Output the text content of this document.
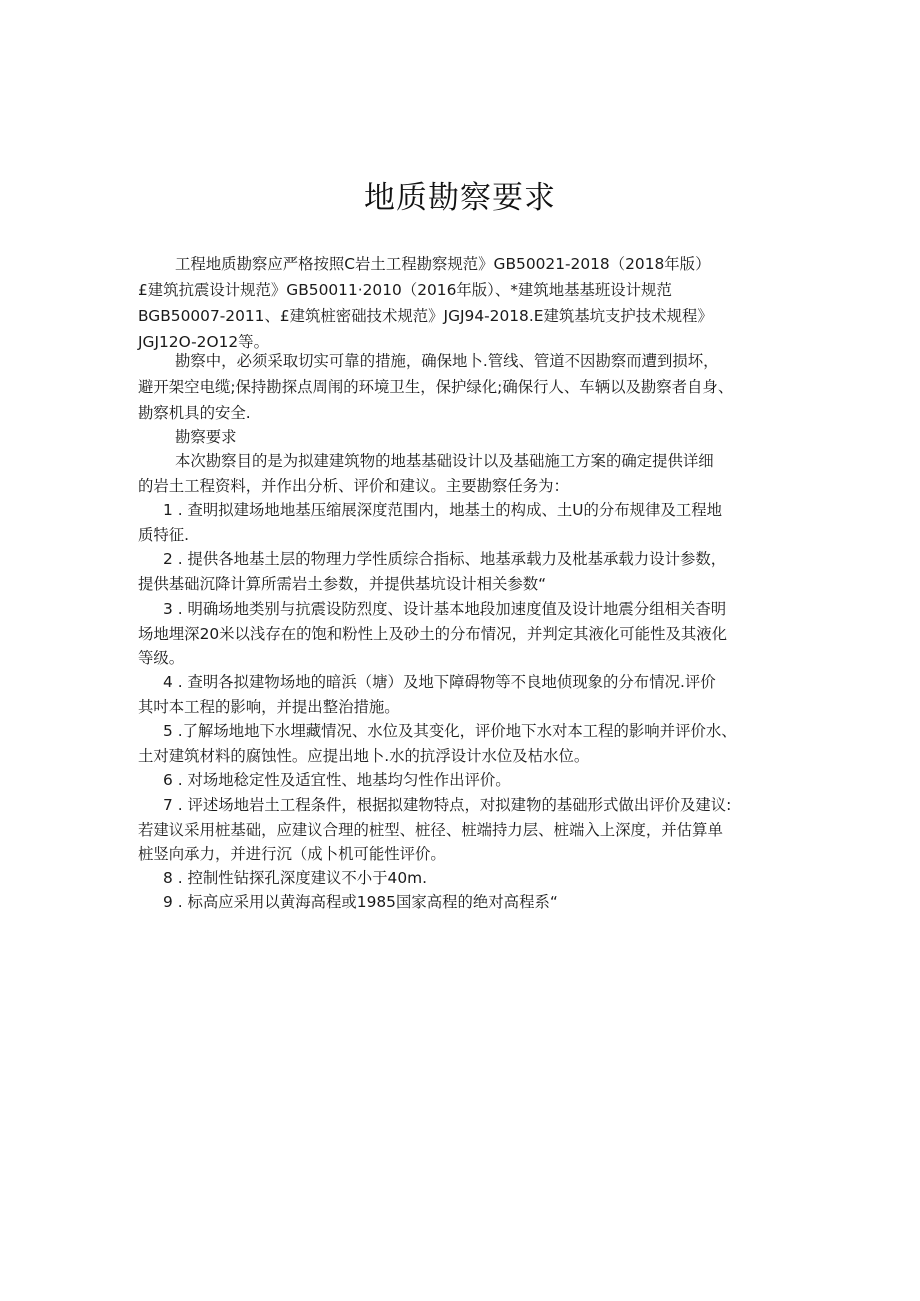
地质勘察要求
工程地质勘察应严格按照C岩土工程勘察规范》GB50021-2018（2018年版）
£建筑抗震设计规范》GB50011·2010（2016年版）、*建筑地基基班设计规范
BGB50007-2011、£建筑桩密础技术规范》JGJ94-2018.E建筑基坑支护技术规程》
JGJ12O-2O12等。
勘察中，必须采取切实可靠的措施，确保地卜.管线、管道不因勘察而遭到损坏，
避开架空电缆;保持勘探点周闱的环境卫生，保护绿化;确保行人、车辆以及勘察者自身、
勘察机具的安全.
勘察要求
本次勘察目的是为拟建建筑物的地基基础设计以及基础施工方案的确定提供详细
的岩土工程资料，并作出分析、评价和建议。主要勘察任务为：
1 . 查明拟建场地地基压缩展深度范围内，地基土的构成、土U的分布规律及工程地
质特征.
2 . 提供各地基土层的物理力学性质综合指标、地基承载力及枇基承载力设计参数，
提供基础沉降计算所需岩土参数，并提供基坑设计相关参数“
3 . 明确场地类别与抗震设防烈度、设计基本地段加速度值及设计地震分组相关杳明
场地埋深20米以浅存在的饱和粉性上及砂土的分布情况，并判定其液化可能性及其液化
等级。
4 . 查明各拟建物场地的暗浜（塘）及地下障碍物等不良地侦现象的分布情况.评价
其吋本工程的影响，并提出整治措施。
5 .了解场地地下水埋藏情况、水位及其变化，评价地下水对本工程的影响并评价水、
土对建筑材料的腐蚀性。应提出地卜.水的抗浮设计水位及枯水位。
6 . 对场地稔定性及适宜性、地基均匀性作出评价。
7 . 评述场地岩土工程条件，根据拟建物特点，对拟建物的基础形式做出评价及建议:
若建议采用桩基础，应建议合理的桩型、桩径、桩端持力层、桩端入上深度，并估算单
桩竖向承力，并进行沉（成卜机可能性评价。
8 . 控制性钻探孔深度建议不小于40m.
9 . 标高应采用以黄海高程或1985国家高程的绝对高程系“
